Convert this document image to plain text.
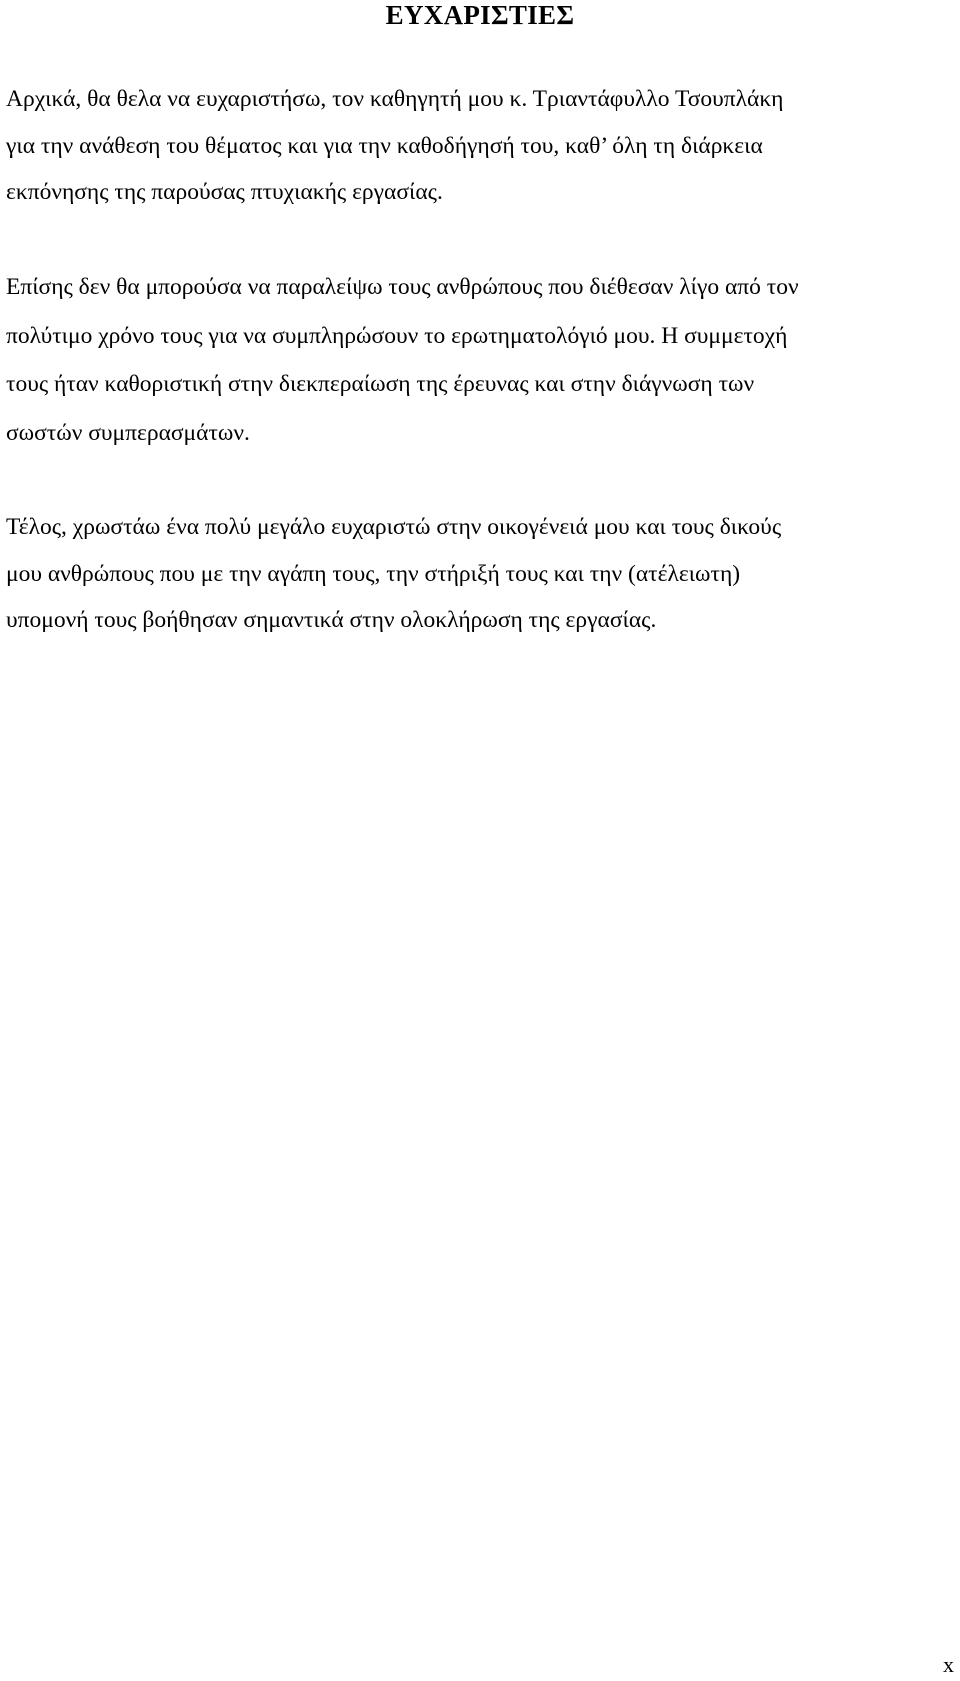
ΕΥΧΑΡΙΣΤΙΕΣ

Αρχικά, θα θελα να ευχαριστήσω, τον καθηγητή μου κ. Τριαντάφυλλο Τσουπλάκη
για την ανάθεση του θέματος και για την καθοδήγησή του, καθ’ όλη τη διάρκεια
εκπόνησης της παρούσας πτυχιακής εργασίας.

Επίσης δεν θα μπορούσα να παραλείψω τους ανθρώπους που διέθεσαν λίγο από τον
πολύτιμο χρόνο τους για να συμπληρώσουν το ερωτηματολόγιό μου. Η συμμετοχή
τους ήταν καθοριστική στην διεκπεραίωση της έρευνας και στην διάγνωση των
σωστών συμπερασμάτων.

Τέλος, χρωστάω ένα πολύ μεγάλο ευχαριστώ στην οικογένειά μου και τους δικούς
μου ανθρώπους που με την αγάπη τους, την στήριξή τους και την (ατέλειωτη)
υπομονή τους βοήθησαν σημαντικά στην ολοκλήρωση της εργασίας.

x
